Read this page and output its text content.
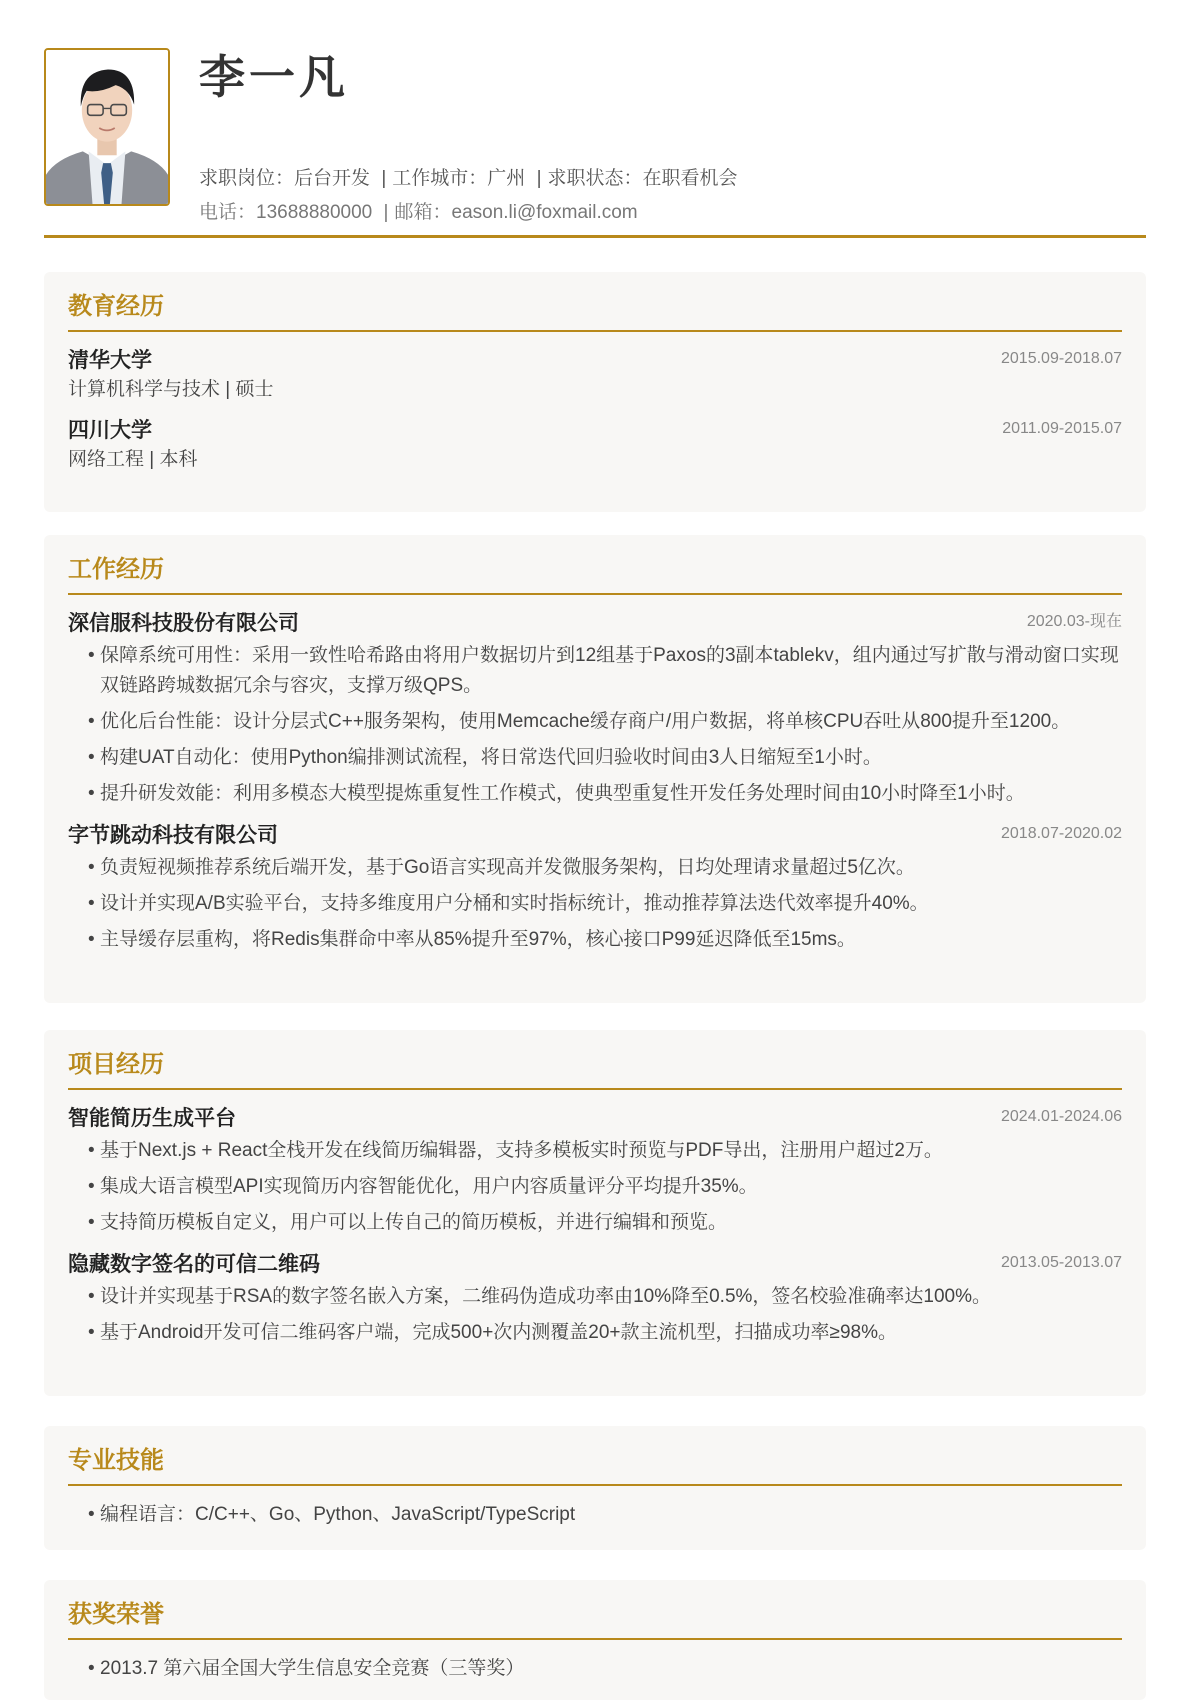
李一凡
求职岗位：后台开发 | 工作城市：广州 | 求职状态：在职看机会
电话：13688880000 | 邮箱：eason.li@foxmail.com
教育经历
清华大学	2015.09-2018.07
计算机科学与技术 | 硕士
四川大学	2011.09-2015.07
网络工程 | 本科
工作经历
深信服科技股份有限公司	2020.03-现在
• 保障系统可用性：采用一致性哈希路由将用户数据切片到12组基于Paxos的3副本tablekv，组内通过写扩散与滑动窗口实现双链路跨城数据冗余与容灾，支撑万级QPS。
• 优化后台性能：设计分层式C++服务架构，使用Memcache缓存商户/用户数据，将单核CPU吞吐从800提升至1200。
• 构建UAT自动化：使用Python编排测试流程，将日常迭代回归验收时间由3人日缩短至1小时。
• 提升研发效能：利用多模态大模型提炼重复性工作模式，使典型重复性开发任务处理时间由10小时降至1小时。
字节跳动科技有限公司	2018.07-2020.02
• 负责短视频推荐系统后端开发，基于Go语言实现高并发微服务架构，日均处理请求量超过5亿次。
• 设计并实现A/B实验平台，支持多维度用户分桶和实时指标统计，推动推荐算法迭代效率提升40%。
• 主导缓存层重构，将Redis集群命中率从85%提升至97%，核心接口P99延迟降低至15ms。
项目经历
智能简历生成平台	2024.01-2024.06
• 基于Next.js + React全栈开发在线简历编辑器，支持多模板实时预览与PDF导出，注册用户超过2万。
• 集成大语言模型API实现简历内容智能优化，用户内容质量评分平均提升35%。
• 支持简历模板自定义，用户可以上传自己的简历模板，并进行编辑和预览。
隐藏数字签名的可信二维码	2013.05-2013.07
• 设计并实现基于RSA的数字签名嵌入方案，二维码伪造成功率由10%降至0.5%，签名校验准确率达100%。
• 基于Android开发可信二维码客户端，完成500+次内测覆盖20+款主流机型，扫描成功率≥98%。
专业技能
• 编程语言：C/C++、Go、Python、JavaScript/TypeScript
获奖荣誉
• 2013.7 第六届全国大学生信息安全竞赛（三等奖）
